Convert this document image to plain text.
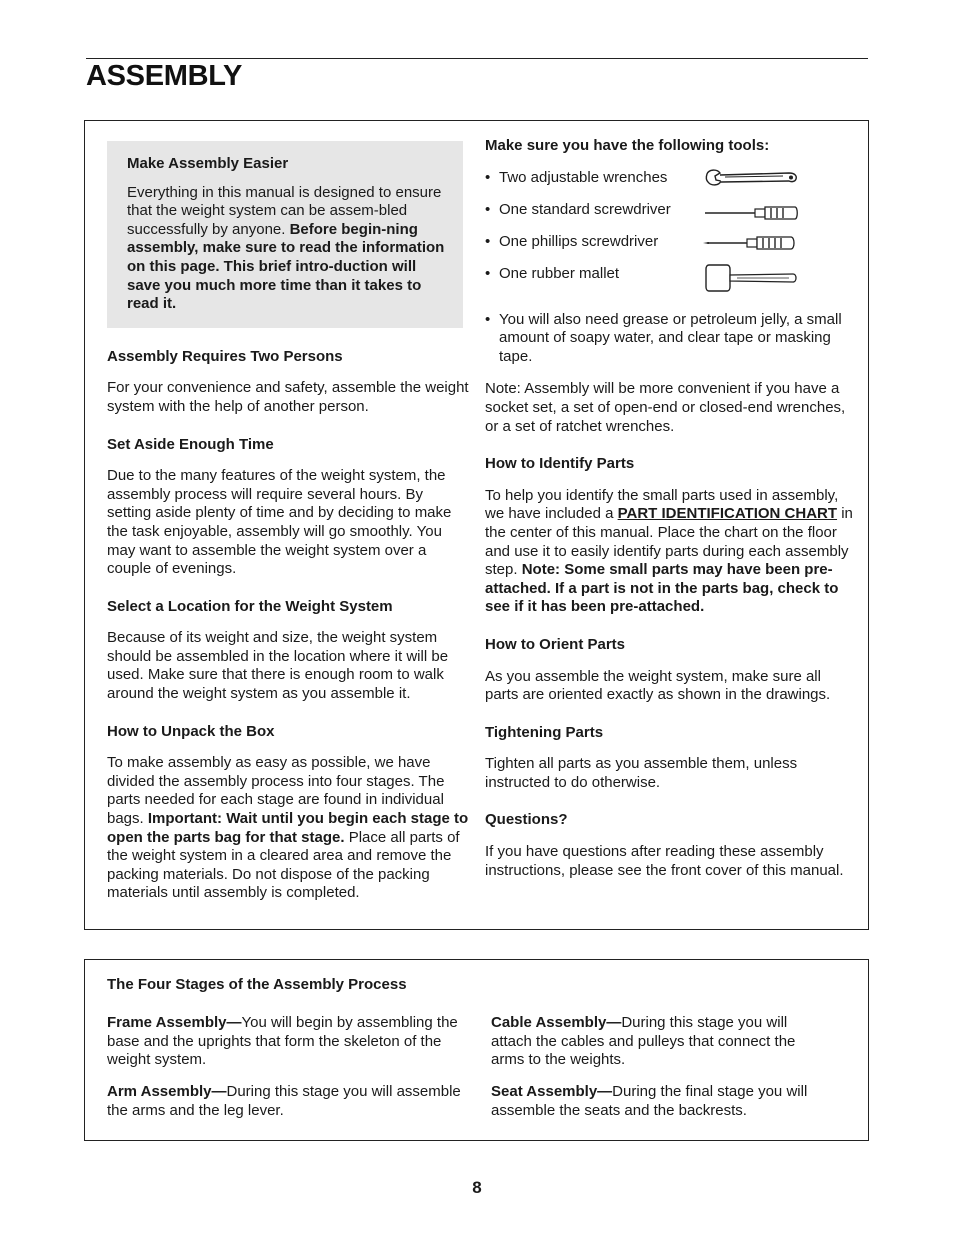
ASSEMBLY
Make Assembly Easier
Everything in this manual is designed to ensure that the weight system can be assem-bled successfully by anyone. Before begin-ning assembly, make sure to read the information on this page. This brief intro-duction will save you much more time than it takes to read it.
Assembly Requires Two Persons

For your convenience and safety, assemble the weight system with the help of another person.

Set Aside Enough Time

Due to the many features of the weight system, the assembly process will require several hours. By setting aside plenty of time and by deciding to make the task enjoyable, assembly will go smoothly. You may want to assemble the weight system over a couple of evenings.

Select a Location for the Weight System

Because of its weight and size, the weight system should be assembled in the location where it will be used. Make sure that there is enough room to walk around the weight system as you assemble it.

How to Unpack the Box

To make assembly as easy as possible, we have divided the assembly process into four stages. The parts needed for each stage are found in individual bags. Important: Wait until you begin each stage to open the parts bag for that stage. Place all parts of the weight system in a cleared area and remove the packing materials. Do not dispose of the packing materials until assembly is completed.

Make sure you have the following tools:
• Two adjustable wrenches
• One standard screwdriver
• One phillips screwdriver
• One rubber mallet
• You will also need grease or petroleum jelly, a small amount of soapy water, and clear tape or masking tape.

Note: Assembly will be more convenient if you have a socket set, a set of open-end or closed-end wrenches, or a set of ratchet wrenches.

How to Identify Parts

To help you identify the small parts used in assembly, we have included a PART IDENTIFICATION CHART in the center of this manual. Place the chart on the floor and use it to easily identify parts during each assembly step. Note: Some small parts may have been pre-attached. If a part is not in the parts bag, check to see if it has been pre-attached.

How to Orient Parts

As you assemble the weight system, make sure all parts are oriented exactly as shown in the drawings.

Tightening Parts

Tighten all parts as you assemble them, unless instructed to do otherwise.

Questions?

If you have questions after reading these assembly instructions, please see the front cover of this manual.

The Four Stages of the Assembly Process

Frame Assembly—You will begin by assembling the base and the uprights that form the skeleton of the weight system.

Arm Assembly—During this stage you will assemble the arms and the leg lever.

Cable Assembly—During this stage you will attach the cables and pulleys that connect the arms to the weights.

Seat Assembly—During the final stage you will assemble the seats and the backrests.

8
